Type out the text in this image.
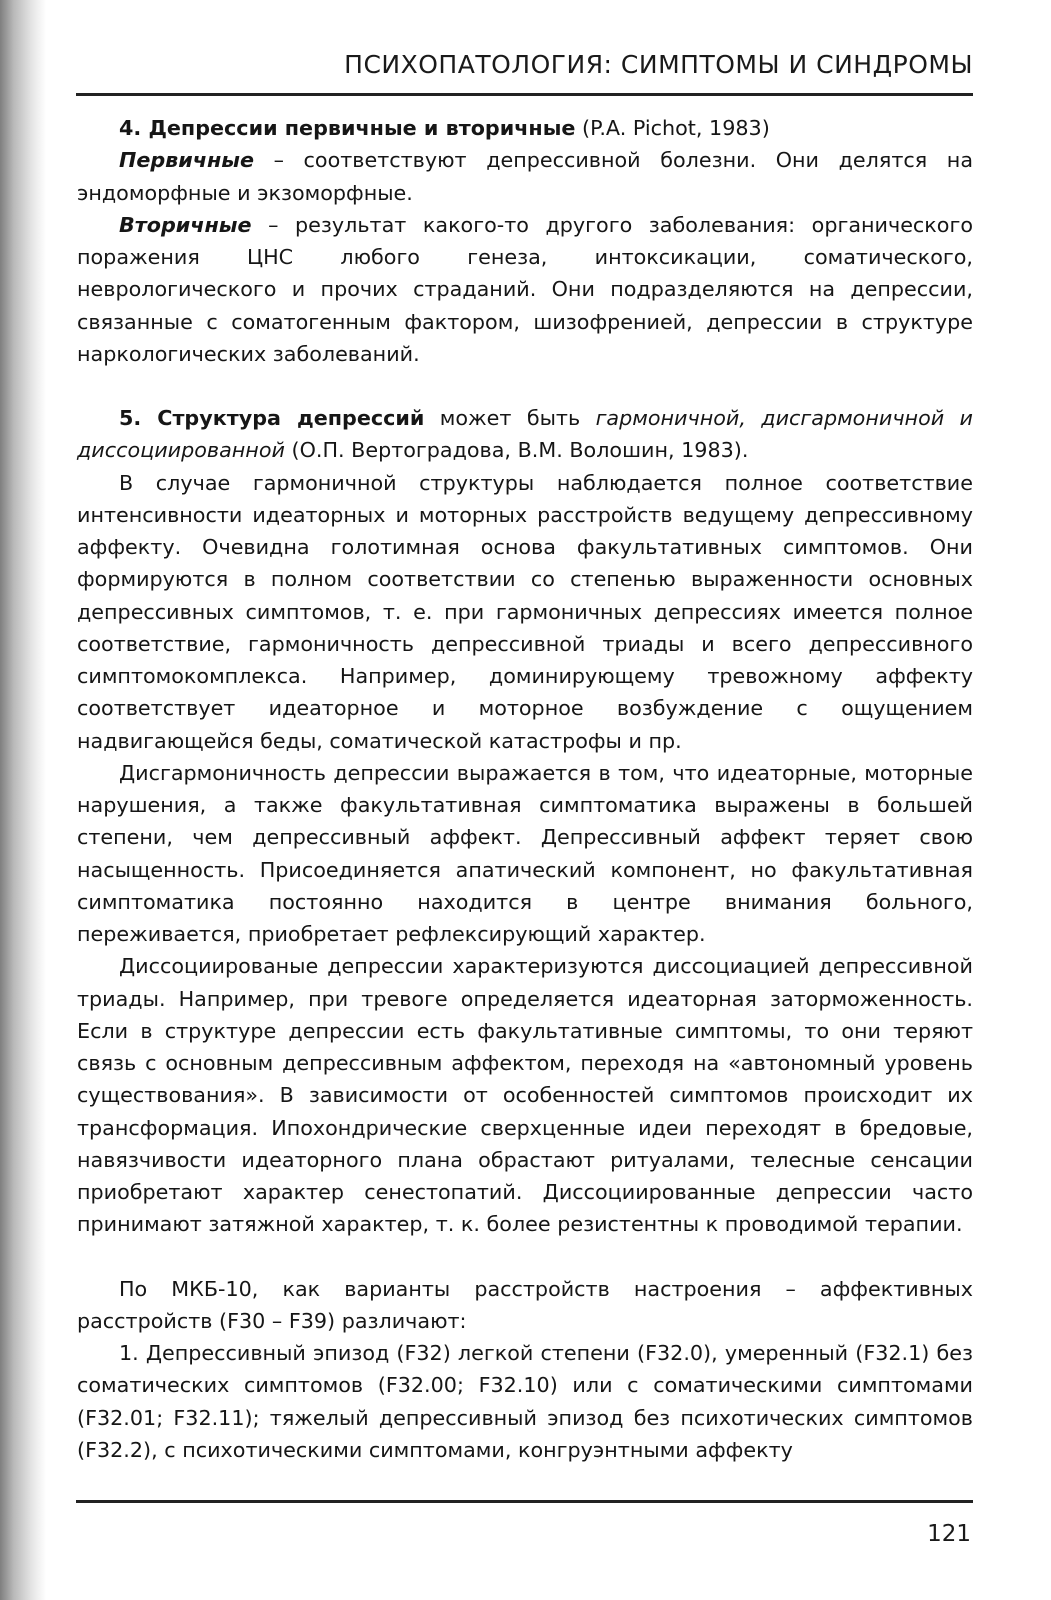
ПСИХОПАТОЛОГИЯ: СИМПТОМЫ И СИНДРОМЫ

4. Депрессии первичные и вторичные (P.A. Pichot, 1983)

Первичные – соответствуют депрессивной болезни. Они делятся на эндоморфные и экзоморфные.

Вторичные – результат какого-то другого заболевания: органического поражения ЦНС любого генеза, интоксикации, соматического, неврологического и прочих страданий. Они подразделяются на депрессии, связанные с соматогенным фактором, шизофренией, депрессии в структуре наркологических заболеваний.

5. Структура депрессий может быть гармоничной, дисгармоничной и диссоциированной (О.П. Вертоградова, В.М. Волошин, 1983).

В случае гармоничной структуры наблюдается полное соответствие интенсивности идеаторных и моторных расстройств ведущему депрессивному аффекту. Очевидна голотимная основа факультативных симптомов. Они формируются в полном соответствии со степенью выраженности основных депрессивных симптомов, т. е. при гармоничных депрессиях имеется полное соответствие, гармоничность депрессивной триады и всего депрессивного симптомокомплекса. Например, доминирующему тревожному аффекту соответствует идеаторное и моторное возбуждение с ощущением надвигающейся беды, соматической катастрофы и пр.

Дисгармоничность депрессии выражается в том, что идеаторные, моторные нарушения, а также факультативная симптоматика выражены в большей степени, чем депрессивный аффект. Депрессивный аффект теряет свою насыщенность. Присоединяется апатический компонент, но факультативная симптоматика постоянно находится в центре внимания больного, переживается, приобретает рефлексирующий характер.

Диссоциированые депрессии характеризуются диссоциацией депрессивной триады. Например, при тревоге определяется идеаторная заторможенность. Если в структуре депрессии есть факультативные симптомы, то они теряют связь с основным депрессивным аффектом, переходя на «автономный уровень существования». В зависимости от особенностей симптомов происходит их трансформация. Ипохондрические сверхценные идеи переходят в бредовые, навязчивости идеаторного плана обрастают ритуалами, телесные сенсации приобретают характер сенестопатий. Диссоциированные депрессии часто принимают затяжной характер, т. к. более резистентны к проводимой терапии.

По МКБ-10, как варианты расстройств настроения – аффективных расстройств (F30 – F39) различают:

1. Депрессивный эпизод (F32) легкой степени (F32.0), умеренный (F32.1) без соматических симптомов (F32.00; F32.10) или с соматическими симптомами (F32.01; F32.11); тяжелый депрессивный эпизод без психотических симптомов (F32.2), с психотическими симптомами, конгруэнтными аффекту

121
